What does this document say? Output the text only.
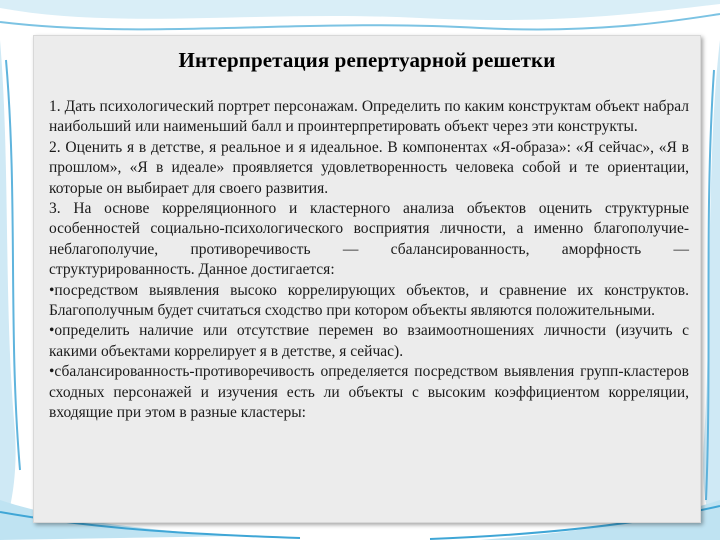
Интерпретация репертуарной решетки

1. Дать психологический портрет персонажам. Определить по каким конструктам объект набрал наибольший или наименьший балл и проинтерпретировать объект через эти конструкты.

2. Оценить я в детстве, я реальное и я идеальное. В компонентах «Я-образа»: «Я сейчас», «Я в прошлом», «Я в идеале» проявляется удовлетворенность человека собой и те ориентации, которые он выбирает для своего развития.

3. На основе корреляционного и кластерного анализа объектов оценить структурные особенностей социально-психологического восприятия личности, а именно благополучие-неблагополучие, противоречивость — сбалансированность, аморфность — структурированность. Данное достигается:

•посредством выявления высоко коррелирующих объектов, и сравнение их конструктов. Благополучным будет считаться сходство при котором объекты являются положительными.

•определить наличие или отсутствие перемен во взаимоотношениях личности (изучить с какими объектами коррелирует я в детстве, я сейчас).

•сбалансированность-противоречивость определяется посредством выявления групп-кластеров сходных персонажей и изучения есть ли объекты с высоким коэффициентом корреляции, входящие при этом в разные кластеры:
